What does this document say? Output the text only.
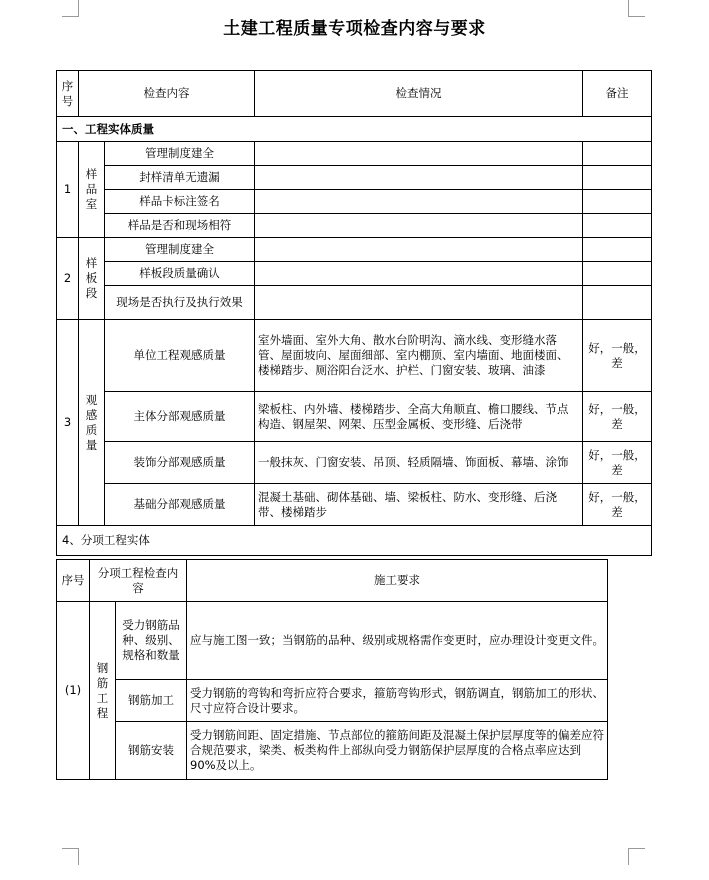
土建工程质量专项检查内容与要求
序号	检查内容		检查情况	备注
一、工程实体质量				
1	样品室	管理制度建全		
		封样清单无遗漏		
		样品卡标注签名		
		样品是否和现场相符		
2	样板段	管理制度建全		
		样板段质量确认		
		现场是否执行及执行效果		
3	观感质量	单位工程观感质量	室外墙面、室外大角、散水台阶明沟、滴水线、变形缝水落管、屋面坡向、屋面细部、室内棚顶、室内墙面、地面楼面、楼梯踏步、厕浴阳台泛水、护栏、门窗安装、玻璃、油漆	好，一般，差
		主体分部观感质量	梁板柱、内外墙、楼梯踏步、全高大角顺直、檐口腰线、节点构造、钢屋架、网架、压型金属板、变形缝、后浇带	好，一般，差
		装饰分部观感质量	一般抹灰、门窗安装、吊顶、轻质隔墙、饰面板、幕墙、涂饰	好，一般，差
		基础分部观感质量	混凝土基础、砌体基础、墙、梁板柱、防水、变形缝、后浇带、楼梯踏步	好，一般，差
4、分项工程实体				
序号	分项工程检查内容		施工要求
(1)	钢筋工程	受力钢筋品种、级别、规格和数量	应与施工图一致；当钢筋的品种、级别或规格需作变更时，应办理设计变更文件。
		钢筋加工	受力钢筋的弯钩和弯折应符合要求，箍筋弯钩形式，钢筋调直，钢筋加工的形状、尺寸应符合设计要求。
		钢筋安装	受力钢筋间距、固定措施、节点部位的箍筋间距及混凝土保护层厚度等的偏差应符合规范要求，梁类、板类构件上部纵向受力钢筋保护层厚度的合格点率应达到90%及以上。
